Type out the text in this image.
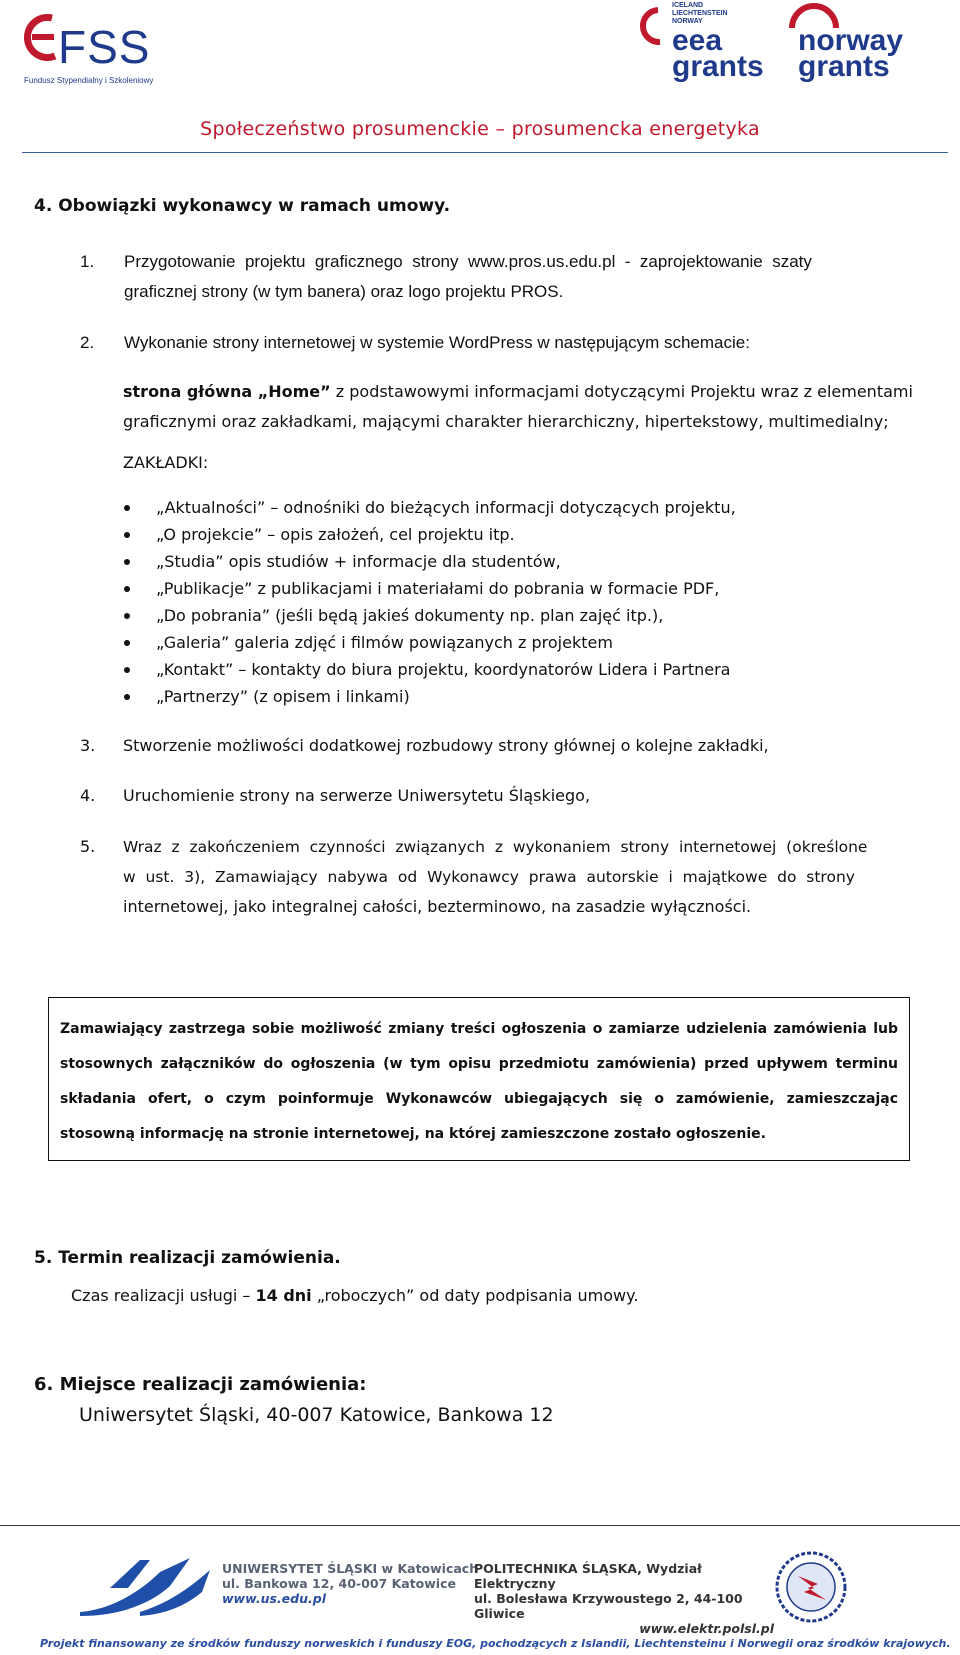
FSS
Fundusz Stypendialny i Szkoleniowy
ICELAND
LIECHTENSTEIN
NORWAY
eea
grants
norway
grants
Społeczeństwo prosumenckie – prosumencka energetyka
4. Obowiązki wykonawcy w ramach umowy.
1. Przygotowanie  projektu  graficznego  strony  www.pros.us.edu.pl  -  zaprojektowanie  szaty
graficznej strony (w tym banera) oraz logo projektu PROS.
2. Wykonanie strony internetowej w systemie WordPress w następującym schemacie:
strona główna „Home” z podstawowymi informacjami dotyczącymi Projektu wraz z elementami
graficznymi oraz zakładkami, mającymi charakter hierarchiczny, hipertekstowy, multimedialny;
ZAKŁADKI:
„Aktualności” – odnośniki do bieżących informacji dotyczących projektu,
„O projekcie” – opis założeń, cel projektu itp.
„Studia” opis studiów + informacje dla studentów,
„Publikacje” z publikacjami i materiałami do pobrania w formacie PDF,
„Do pobrania” (jeśli będą jakieś dokumenty np. plan zajęć itp.),
„Galeria” galeria zdjęć i filmów powiązanych z projektem
„Kontakt” – kontakty do biura projektu, koordynatorów Lidera i Partnera
„Partnerzy” (z opisem i linkami)
3. Stworzenie możliwości dodatkowej rozbudowy strony głównej o kolejne zakładki,
4. Uruchomienie strony na serwerze Uniwersytetu Śląskiego,
5. Wraz  z  zakończeniem  czynności  związanych  z  wykonaniem  strony  internetowej  (określone
w  ust.  3),  Zamawiający  nabywa  od  Wykonawcy  prawa  autorskie  i  majątkowe  do  strony
internetowej, jako integralnej całości, bezterminowo, na zasadzie wyłączności.
Zamawiający zastrzega sobie możliwość zmiany treści ogłoszenia o zamiarze udzielenia zamówienia lub stosownych załączników do ogłoszenia (w tym opisu przedmiotu zamówienia) przed upływem terminu składania ofert, o czym poinformuje Wykonawców ubiegających się o zamówienie, zamieszczając stosowną informację na stronie internetowej, na której zamieszczone zostało ogłoszenie.
5. Termin realizacji zamówienia.
Czas realizacji usługi – 14 dni „roboczych” od daty podpisania umowy.
6. Miejsce realizacji zamówienia:
Uniwersytet Śląski, 40-007 Katowice, Bankowa 12
UNIWERSYTET ŚLĄSKI w Katowicach
ul. Bankowa 12, 40-007 Katowice
www.us.edu.pl
POLITECHNIKA ŚLĄSKA, Wydział Elektryczny
ul. Bolesława Krzywoustego 2, 44-100 Gliwice
www.elektr.polsl.pl
Projekt finansowany ze środków funduszy norweskich i funduszy EOG, pochodzących z Islandii, Liechtensteinu i Norwegii oraz środków krajowych.
